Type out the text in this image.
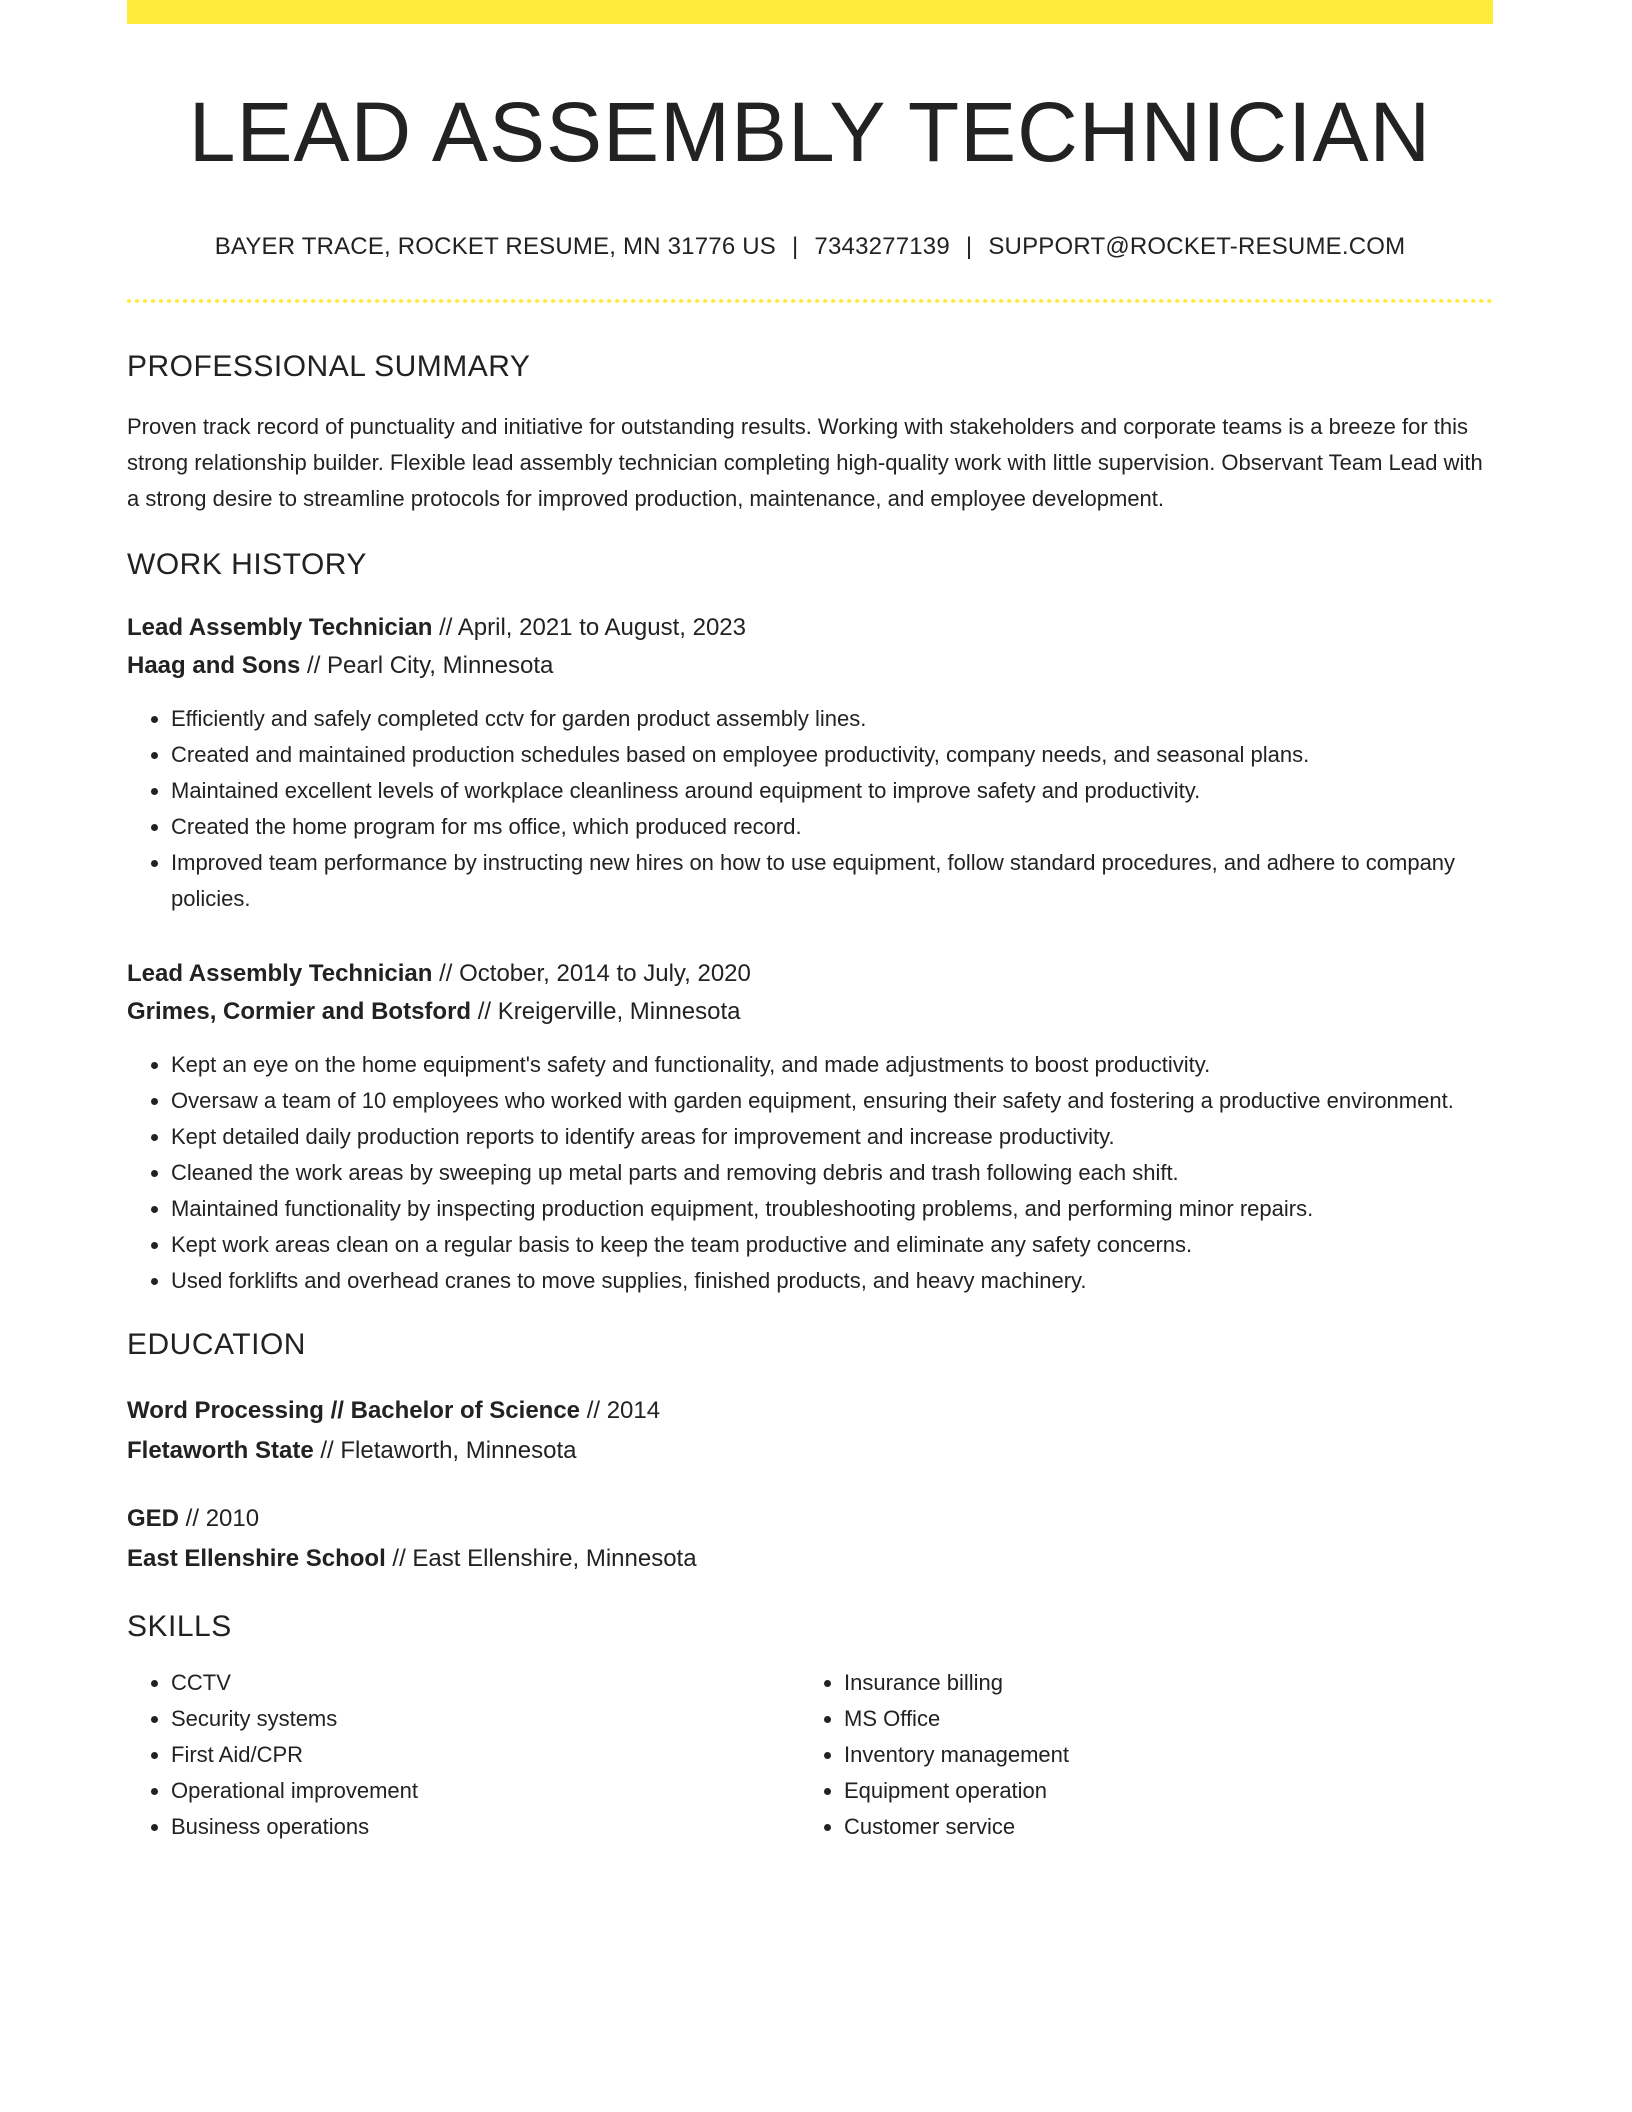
LEAD ASSEMBLY TECHNICIAN
BAYER TRACE, ROCKET RESUME, MN 31776 US | 7343277139 | SUPPORT@ROCKET-RESUME.COM
PROFESSIONAL SUMMARY

Proven track record of punctuality and initiative for outstanding results. Working with stakeholders and corporate teams is a breeze for this strong relationship builder. Flexible lead assembly technician completing high-quality work with little supervision. Observant Team Lead with a strong desire to streamline protocols for improved production, maintenance, and employee development.

WORK HISTORY
Lead Assembly Technician // April, 2021 to August, 2023
Haag and Sons // Pearl City, Minnesota
• Efficiently and safely completed cctv for garden product assembly lines.
• Created and maintained production schedules based on employee productivity, company needs, and seasonal plans.
• Maintained excellent levels of workplace cleanliness around equipment to improve safety and productivity.
• Created the home program for ms office, which produced record.
• Improved team performance by instructing new hires on how to use equipment, follow standard procedures, and adhere to company policies.
Lead Assembly Technician // October, 2014 to July, 2020
Grimes, Cormier and Botsford // Kreigerville, Minnesota
• Kept an eye on the home equipment's safety and functionality, and made adjustments to boost productivity.
• Oversaw a team of 10 employees who worked with garden equipment, ensuring their safety and fostering a productive environment.
• Kept detailed daily production reports to identify areas for improvement and increase productivity.
• Cleaned the work areas by sweeping up metal parts and removing debris and trash following each shift.
• Maintained functionality by inspecting production equipment, troubleshooting problems, and performing minor repairs.
• Kept work areas clean on a regular basis to keep the team productive and eliminate any safety concerns.
• Used forklifts and overhead cranes to move supplies, finished products, and heavy machinery.
EDUCATION
Word Processing // Bachelor of Science // 2014
Fletaworth State // Fletaworth, Minnesota
GED // 2010
East Ellenshire School // East Ellenshire, Minnesota
SKILLS
• CCTV
• Security systems
• First Aid/CPR
• Operational improvement
• Business operations
• Insurance billing
• MS Office
• Inventory management
• Equipment operation
• Customer service
